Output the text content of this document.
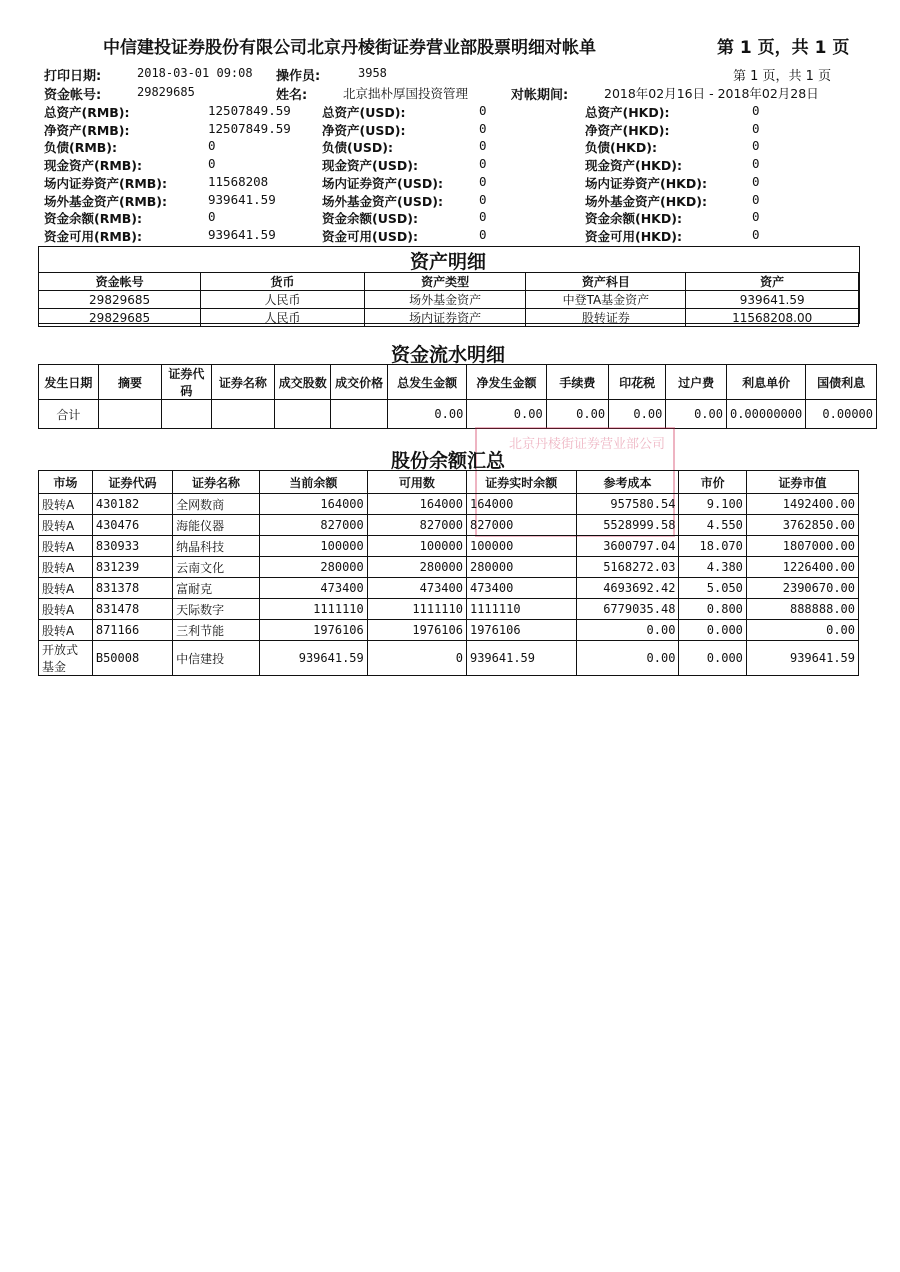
中信建投证券股份有限公司北京丹棱街证券营业部股票明细对帐单	第 1 页，共 1 页
打印日期:	2018-03-01 09:08 操作员:	3958	第 1 页，共 1 页
资金帐号:	29829685	姓名:	北京拙朴厚国投资管理	对帐期间:	2018年02月16日 - 2018年02月28日
总资产(RMB):	12507849.59 总资产(USD):	0	总资产(HKD):	0
净资产(RMB):	12507849.59 净资产(USD):	0	净资产(HKD):	0
负债(RMB):	0	负债(USD):	0	负债(HKD):	0
现金资产(RMB):	0	现金资产(USD):	0	现金资产(HKD):	0
场内证券资产(RMB):	11568208	场内证券资产(USD):	0	场内证券资产(HKD):	0
场外基金资产(RMB):	939641.59	场外基金资产(USD):	0	场外基金资产(HKD):	0
资金余额(RMB):	0	资金余额(USD):	0	资金余额(HKD):	0
资金可用(RMB):	939641.59	资金可用(USD):	0	资金可用(HKD):	0
资产明细
资金帐号	货币	资产类型	资产科目	资产
29829685	人民币	场外基金资产	中登TA基金资产	939641.59
29829685	人民币	场内证券资产	股转证券	11568208.00
资金流水明细
发生日期	摘要	证券代码	证券名称	成交股数	成交价格	总发生金额	净发生金额	手续费	印花税	过户费	利息单价	国债利息
合计						0.00	0.00	0.00	0.00	0.00	0.00000000	0.00000
北京丹棱街证券营业部公司
股份余额汇总
市场	证券代码	证券名称	当前余额	可用数	证券实时余额	参考成本	市价	证券市值
股转A	430182	全网数商	164000	164000	164000	957580.54	9.100	1492400.00
股转A	430476	海能仪器	827000	827000	827000	5528999.58	4.550	3762850.00
股转A	830933	纳晶科技	100000	100000	100000	3600797.04	18.070	1807000.00
股转A	831239	云南文化	280000	280000	280000	5168272.03	4.380	1226400.00
股转A	831378	富耐克	473400	473400	473400	4693692.42	5.050	2390670.00
股转A	831478	天际数字	1111110	1111110	1111110	6779035.48	0.800	888888.00
股转A	871166	三利节能	1976106	1976106	1976106	0.00	0.000	0.00
开放式基金	B50008	中信建投	939641.59	0	939641.59	0.00	0.000	939641.59
